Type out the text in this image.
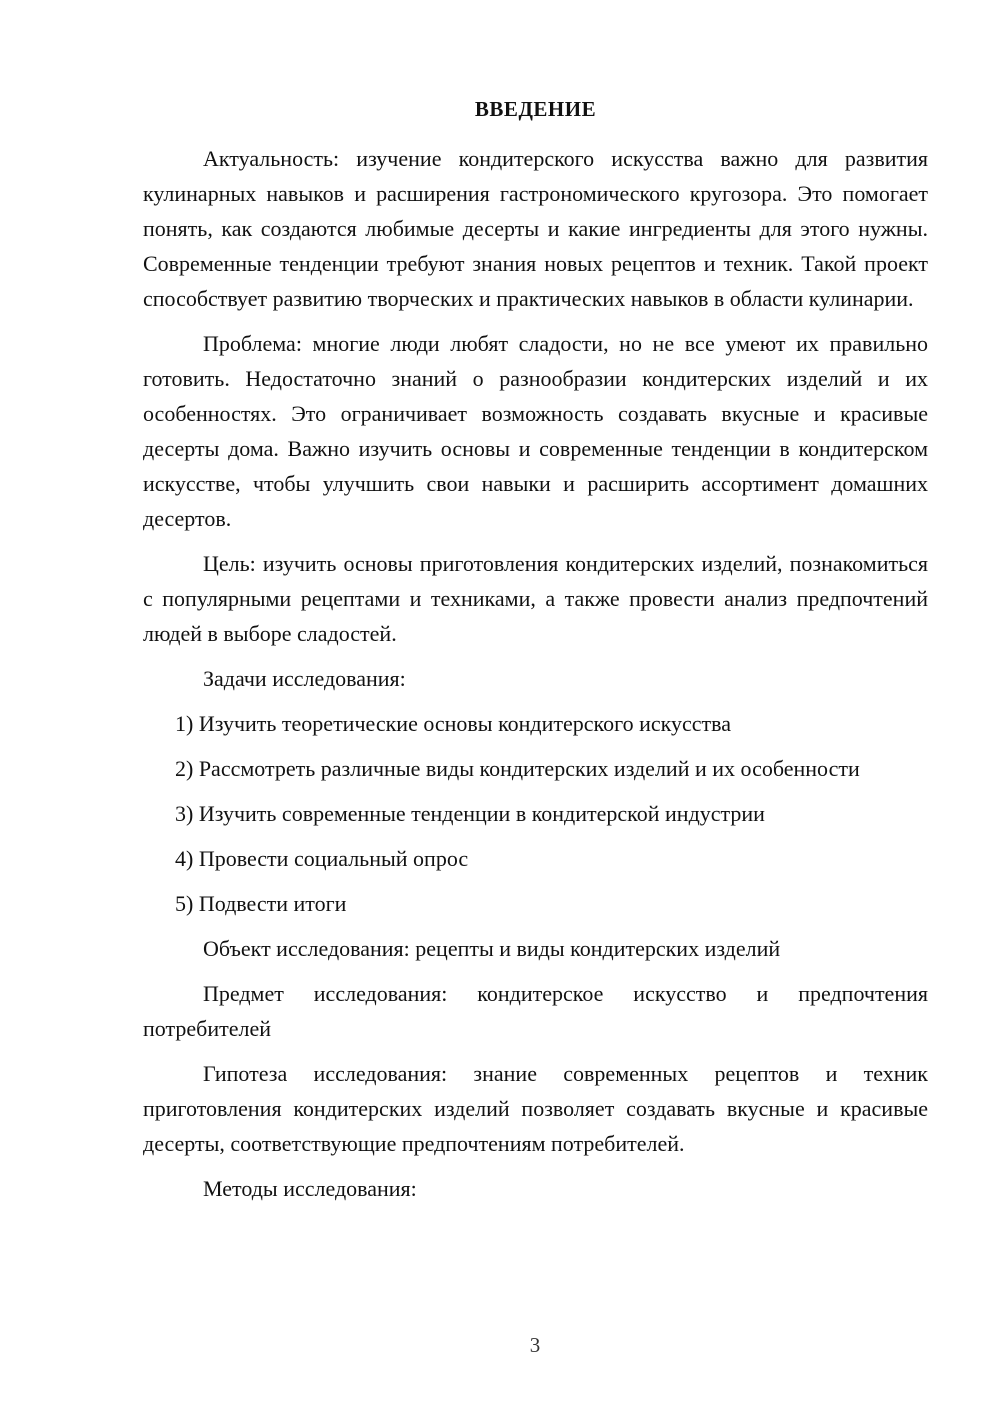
ВВЕДЕНИЕ

Актуальность: изучение кондитерского искусства важно для развития кулинарных навыков и расширения гастрономического кругозора. Это помогает понять, как создаются любимые десерты и какие ингредиенты для этого нужны. Современные тенденции требуют знания новых рецептов и техник. Такой проект способствует развитию творческих и практических навыков в области кулинарии.

Проблема: многие люди любят сладости, но не все умеют их правильно готовить. Недостаточно знаний о разнообразии кондитерских изделий и их особенностях. Это ограничивает возможность создавать вкусные и красивые десерты дома. Важно изучить основы и современные тенденции в кондитерском искусстве, чтобы улучшить свои навыки и расширить ассортимент домашних десертов.

Цель: изучить основы приготовления кондитерских изделий, познакомиться с популярными рецептами и техниками, а также провести анализ предпочтений людей в выборе сладостей.

Задачи исследования:

1) Изучить теоретические основы кондитерского искусства

2) Рассмотреть различные виды кондитерских изделий и их особенности

3) Изучить современные тенденции в кондитерской индустрии

4) Провести социальный опрос

5) Подвести итоги

Объект исследования: рецепты и виды кондитерских изделий

Предмет исследования: кондитерское искусство и предпочтения потребителей

Гипотеза исследования: знание современных рецептов и техник приготовления кондитерских изделий позволяет создавать вкусные и красивые десерты, соответствующие предпочтениям потребителей.

Методы исследования:

3
